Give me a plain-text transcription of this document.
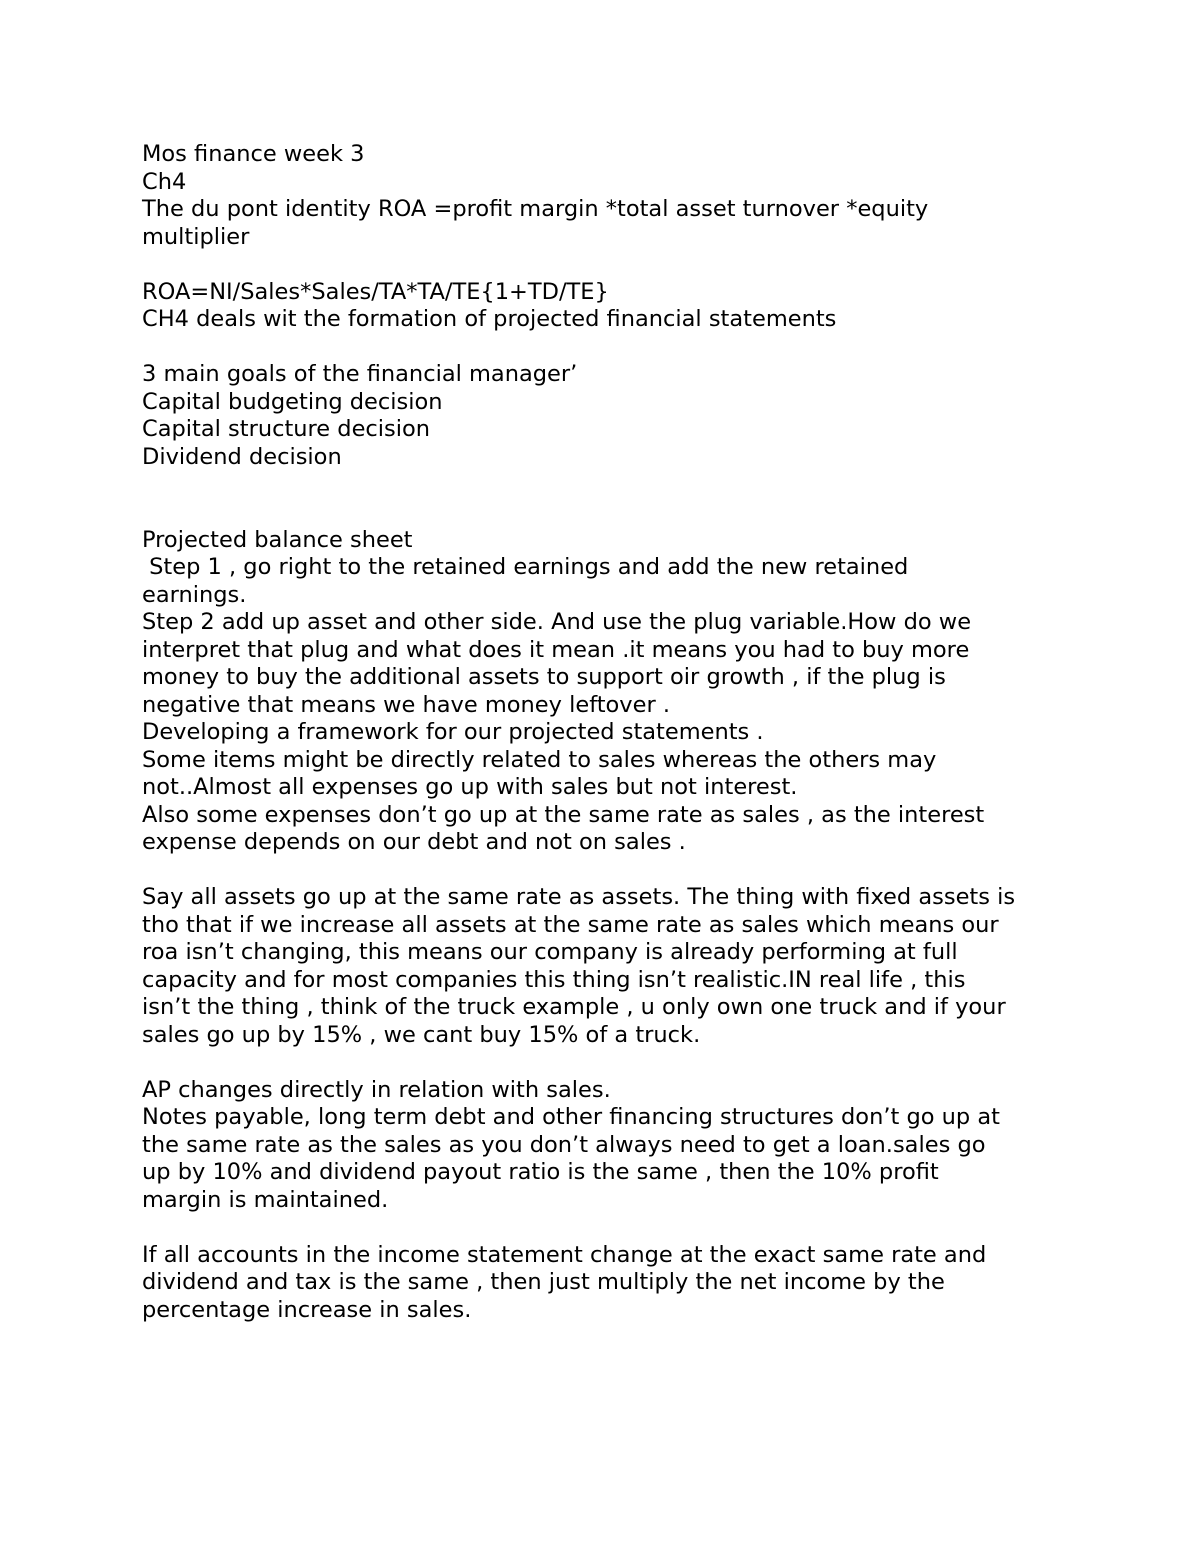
Mos finance week 3
Ch4
The du pont identity ROA =profit margin *total asset turnover *equity
multiplier
ROA=NI/Sales*Sales/TA*TA/TE{1+TD/TE}
CH4 deals wit the formation of projected financial statements
3 main goals of the financial manager’
Capital budgeting decision
Capital structure decision
Dividend decision
Projected balance sheet
Step 1 , go right to the retained earnings and add the new retained
earnings.
Step 2 add up asset and other side. And use the plug variable.How do we
interpret that plug and what does it mean .it means you had to buy more
money to buy the additional assets to support oir growth , if the plug is
negative that means we have money leftover .
Developing a framework for our projected statements .
Some items might be directly related to sales whereas the others may
not..Almost all expenses go up with sales but not interest.
Also some expenses don’t go up at the same rate as sales , as the interest
expense depends on our debt and not on sales .
Say all assets go up at the same rate as assets. The thing with fixed assets is
tho that if we increase all assets at the same rate as sales which means our
roa isn’t changing, this means our company is already performing at full
capacity and for most companies this thing isn’t realistic.IN real life , this
isn’t the thing , think of the truck example , u only own one truck and if your
sales go up by 15% , we cant buy 15% of a truck.
AP changes directly in relation with sales.
Notes payable, long term debt and other financing structures don’t go up at
the same rate as the sales as you don’t always need to get a loan.sales go
up by 10% and dividend payout ratio is the same , then the 10% profit
margin is maintained.
If all accounts in the income statement change at the exact same rate and
dividend and tax is the same , then just multiply the net income by the
percentage increase in sales.
